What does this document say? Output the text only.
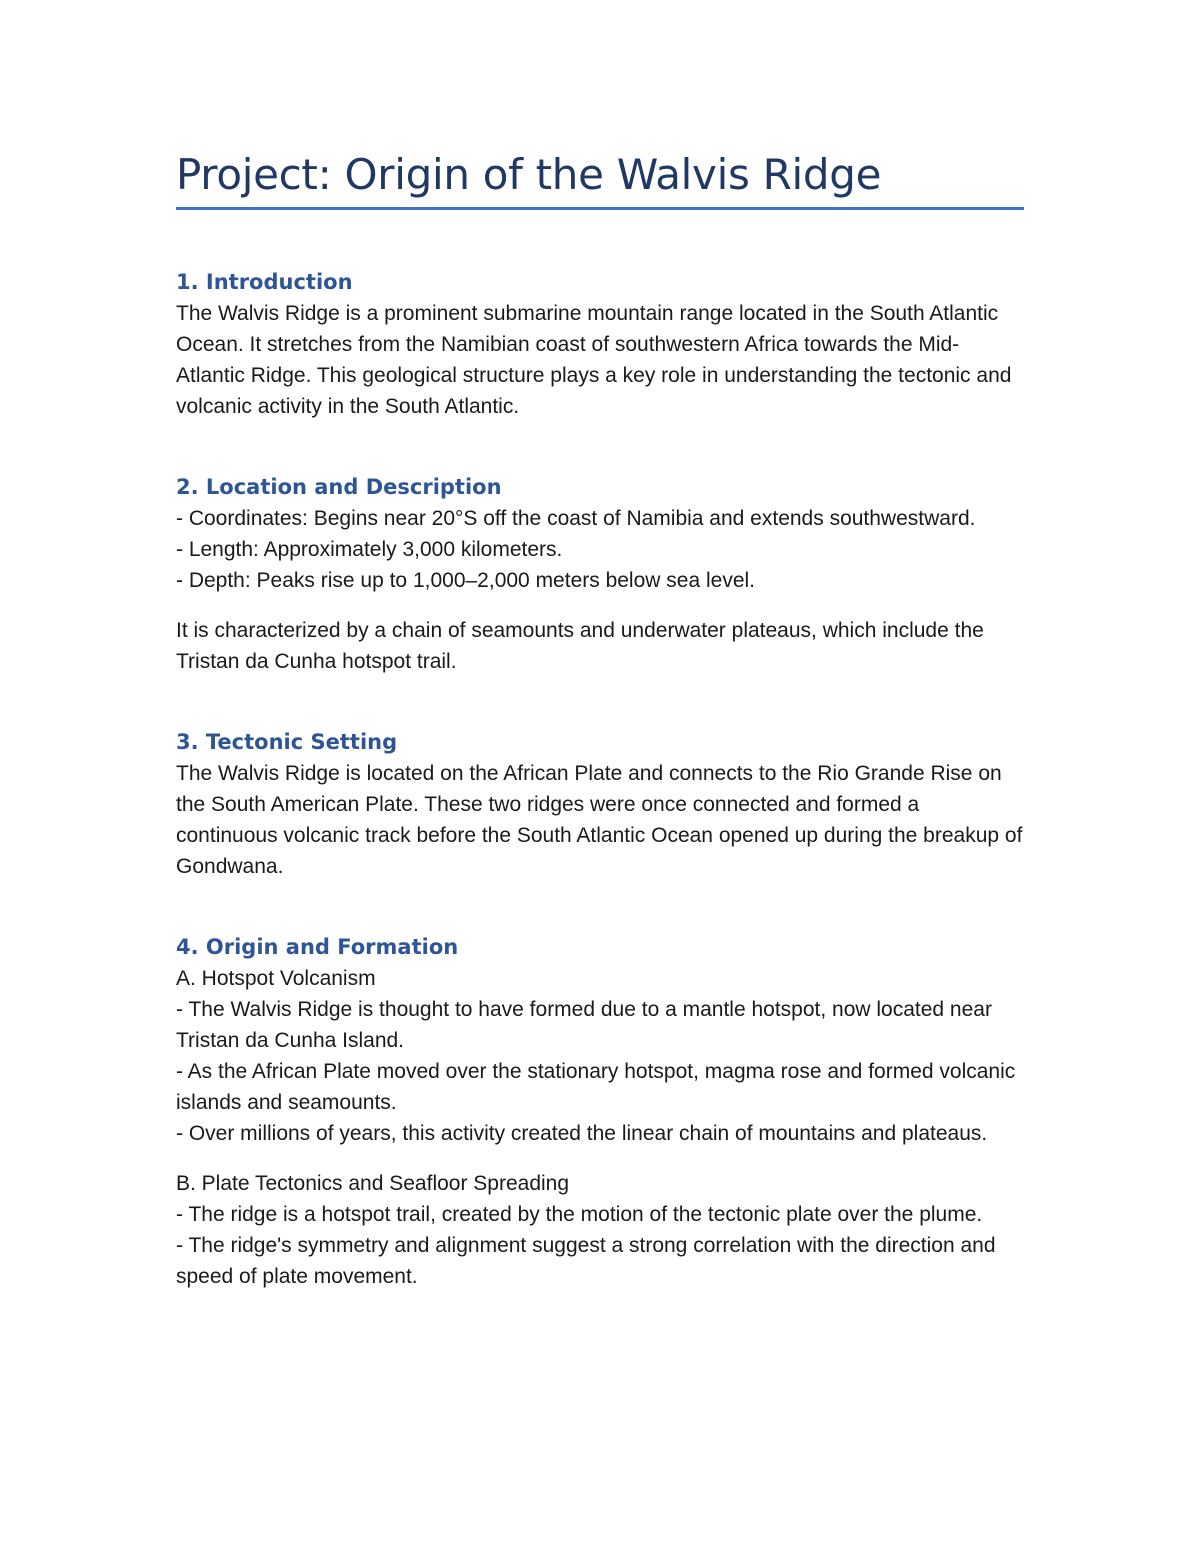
Project: Origin of the Walvis Ridge
1. Introduction

The Walvis Ridge is a prominent submarine mountain range located in the South Atlantic Ocean. It stretches from the Namibian coast of southwestern Africa towards the Mid-Atlantic Ridge. This geological structure plays a key role in understanding the tectonic and volcanic activity in the South Atlantic.

2. Location and Description
- Coordinates: Begins near 20°S off the coast of Namibia and extends southwestward.
- Length: Approximately 3,000 kilometers.
- Depth: Peaks rise up to 1,000–2,000 meters below sea level.

It is characterized by a chain of seamounts and underwater plateaus, which include the Tristan da Cunha hotspot trail.

3. Tectonic Setting

The Walvis Ridge is located on the African Plate and connects to the Rio Grande Rise on the South American Plate. These two ridges were once connected and formed a continuous volcanic track before the South Atlantic Ocean opened up during the breakup of Gondwana.

4. Origin and Formation
A. Hotspot Volcanism
- The Walvis Ridge is thought to have formed due to a mantle hotspot, now located near Tristan da Cunha Island.
- As the African Plate moved over the stationary hotspot, magma rose and formed volcanic islands and seamounts.
- Over millions of years, this activity created the linear chain of mountains and plateaus.
B. Plate Tectonics and Seafloor Spreading
- The ridge is a hotspot trail, created by the motion of the tectonic plate over the plume.
- The ridge's symmetry and alignment suggest a strong correlation with the direction and speed of plate movement.
